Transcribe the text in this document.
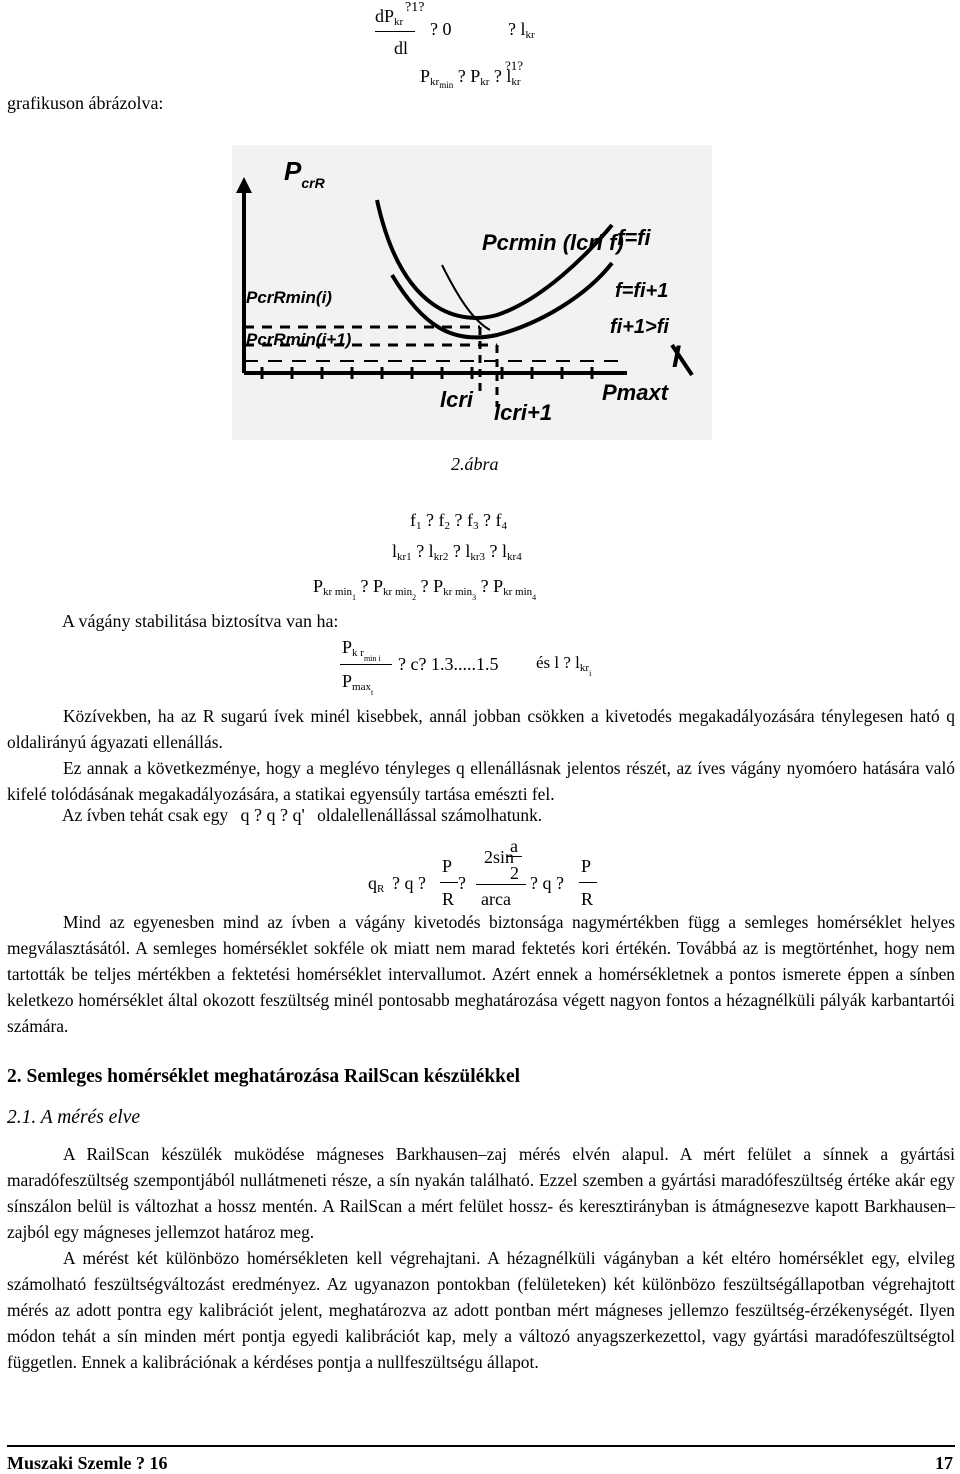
$dP_{kr}$
?1?
? 0	? $l_{kr}$
dl
$P_{krmin}$ ? $P_{kr}$ ? $l_{kr}$
?1?
grafikuson ábrázolva:
$P_{crR}$
Pcrmin (lcri f)
f=fi
f=fi+1
fi+1>fi
PcrRmin(i)
PcrRmin(i+1)
l
lcri
lcri+1
Pmaxt
2.ábra
$f_1$ ? $f_2$ ? $f_3$ ? $f_4$
$l_{kr1}$ ? $l_{kr2}$ ? $l_{kr3}$ ? $l_{kr4}$
$P_{kr min1}$ ? $P_{kr min2}$ ? $P_{kr min3}$ ? $P_{kr min4}$
A vágány stabilitása biztosítva van ha:
$P_{k rmin i}$
$P_{maxt}$
? c? 1.3.....1.5 és l ? $l_{kri}$

Közívekben, ha az R sugarú ívek minél kisebbek, annál jobban csökken a kivetodés megakadályozására ténylegesen ható q oldalirányú ágyazati ellenállás.

Ez annak a következménye, hogy a meglévo tényleges q ellenállásnak jelentos részét, az íves vágány nyomóero hatására való kifelé tolódásának megakadályozására, a statikai egyensúly tartása emészti fel.

Az ívben tehát csak egy q ? q ? q' oldalellenállással számolhatunk.
$q_R$ ? q ?
P
R
?
a
2sin
2
arca
? q ?
P
R

Mind az egyenesben mind az ívben a vágány kivetodés biztonsága nagymértékben függ a semleges homérséklet helyes megválasztásától. A semleges homérséklet sokféle ok miatt nem marad fektetés kori értékén. Továbbá az is megtörténhet, hogy nem tartották be teljes mértékben a fektetési homérséklet intervallumot. Azért ennek a homérsékletnek a pontos ismerete éppen a sínben keletkezo homérséklet által okozott feszültség minél pontosabb meghatározása végett nagyon fontos a hézagnélküli pályák karbantartói számára.

2. Semleges homérséklet meghatározása RailScan készülékkel
2.1. A mérés elve

A RailScan készülék muködése mágneses Barkhausen–zaj mérés elvén alapul. A mért felület a sínnek a gyártási maradófeszültség szempontjából nullátmeneti része, a sín nyakán található. Ezzel szemben a gyártási maradófeszültség értéke akár egy sínszálon belül is változhat a hossz mentén. A RailScan a mért felület hossz- és keresztirányban is átmágnesezve kapott Barkhausen–zajból egy mágneses jellemzot határoz meg.

A mérést két különbözo homérsékleten kell végrehajtani. A hézagnélküli vágányban a két eltéro homérséklet egy, elvileg számolható feszültségváltozást eredményez. Az ugyanazon pontokban (felületeken) két különbözo feszültségállapotban végrehajtott mérés az adott pontra egy kalibrációt jelent, meghatározva az adott pontban mért mágneses jellemzo feszültség-érzékenységét. Ilyen módon tehát a sín minden mért pontja egyedi kalibrációt kap, mely a változó anyagszerkezettol, vagy gyártási maradófeszültségtol független. Ennek a kalibrációnak a kérdéses pontja a nullfeszültségu állapot.

Muszaki Szemle ? 16	17
